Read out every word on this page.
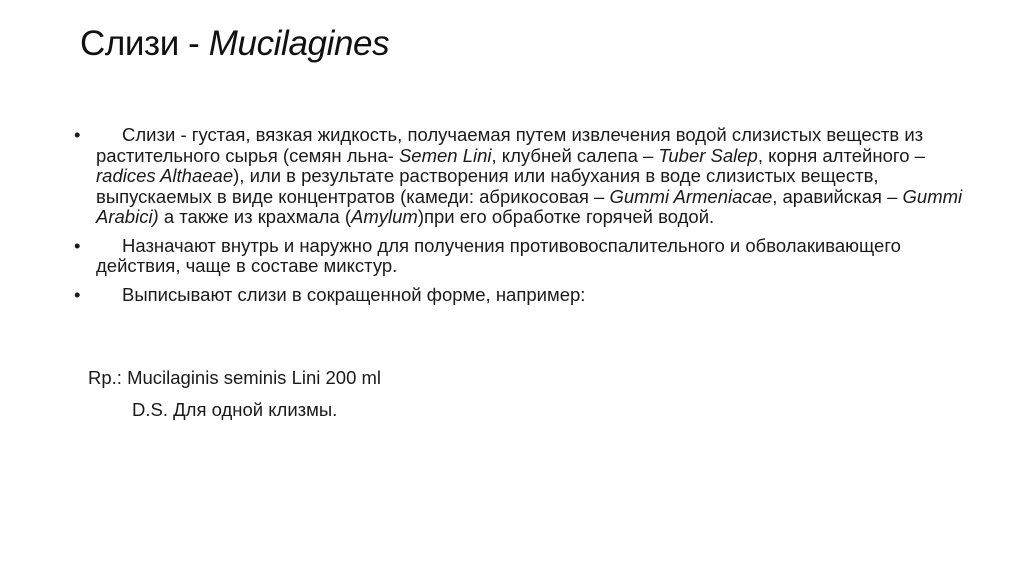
Слизи - Mucilagines
• Слизи - густая, вязкая жидкость, получаемая путем извлечения водой слизистых веществ из растительного сырья (семян льна- Semen Lini, клубней салепа – Tuber Salep, корня алтейного – radices Althaeae), или в результате растворения или набухания в воде слизистых веществ, выпускаемых в виде концентратов (камеди: абрикосовая – Gummi Armeniacae, аравийская – Gummi Arabici) а также из крахмала (Amylum)при его обработке горячей водой.
• Назначают внутрь и наружно для получения противовоспалительного и обволакивающего действия, чаще в составе микстур.
• Выписывают слизи в сокращенной форме, например:
Rp.: Mucilaginis seminis Lini 200 ml
D.S. Для одной клизмы.
